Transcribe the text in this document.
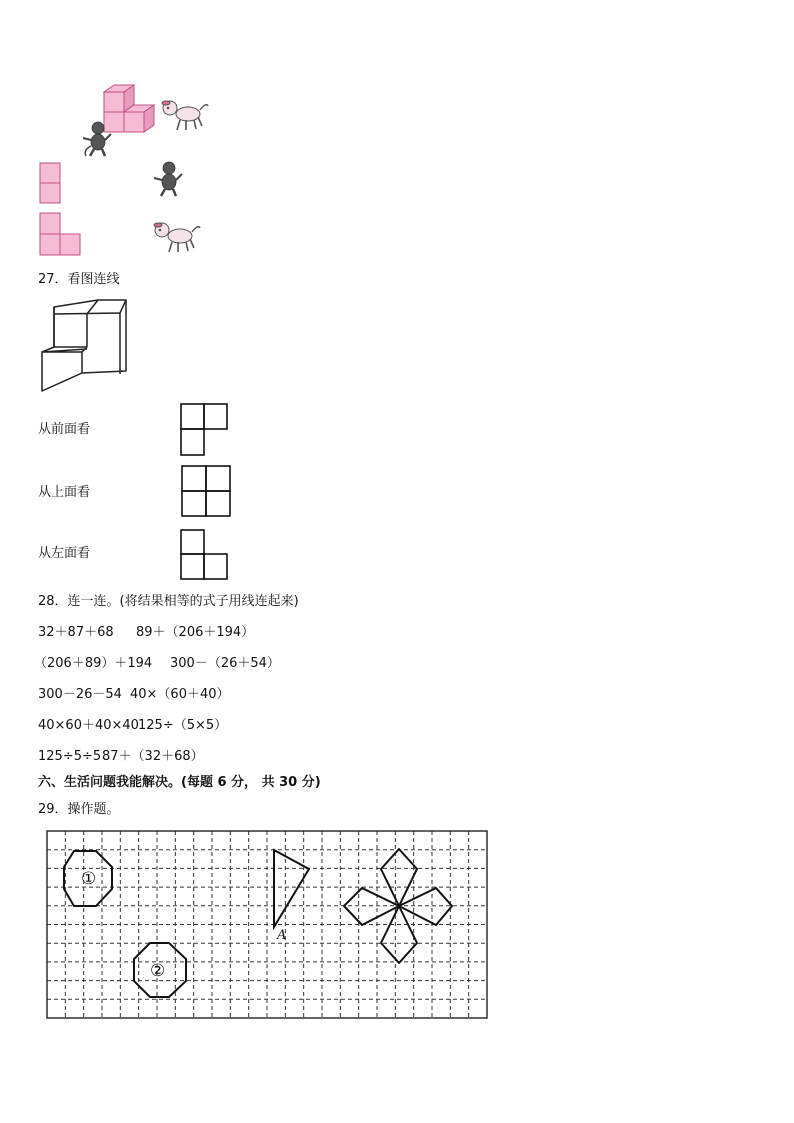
27．看图连线
从前面看
从上面看
从左面看
28．连一连。(将结果相等的式子用线连起来)
32＋87＋68 89＋（206＋194）
（206＋89）＋194 300－（26＋54）
300－26－54 40×（60＋40）
40×60＋40×40 125÷（5×5）
125÷5÷5 87＋（32＋68）
六、生活问题我能解决。(每题 6 分， 共 30 分)
29．操作题。
①
②
A
